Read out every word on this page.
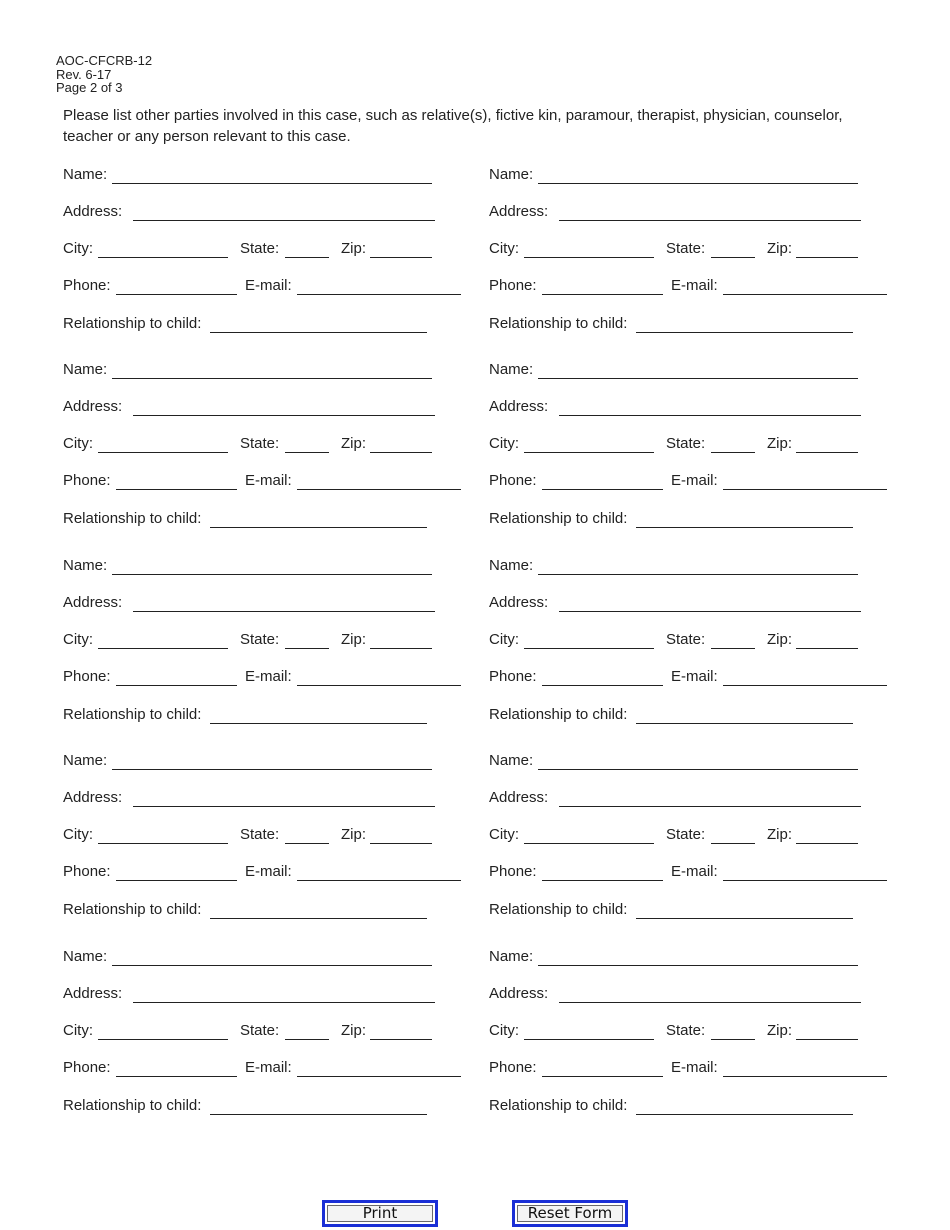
AOC-CFCRB-12
Rev. 6-17
Page 2 of 3
Please list other parties involved in this case, such as relative(s), fictive kin, paramour, therapist, physician, counselor, teacher or any person relevant to this case.
Name:
Address:
City:	State:	Zip:
Phone:	E-mail:
Relationship to child:
Name:
Address:
City:	State:	Zip:
Phone:	E-mail:
Relationship to child:
Name:
Address:
City:	State:	Zip:
Phone:	E-mail:
Relationship to child:
Name:
Address:
City:	State:	Zip:
Phone:	E-mail:
Relationship to child:
Name:
Address:
City:	State:	Zip:
Phone:	E-mail:
Relationship to child:
Name:
Address:
City:	State:	Zip:
Phone:	E-mail:
Relationship to child:
Name:
Address:
City:	State:	Zip:
Phone:	E-mail:
Relationship to child:
Name:
Address:
City:	State:	Zip:
Phone:	E-mail:
Relationship to child:
Name:
Address:
City:	State:	Zip:
Phone:	E-mail:
Relationship to child:
Name:
Address:
City:	State:	Zip:
Phone:	E-mail:
Relationship to child:
Print	Reset Form
